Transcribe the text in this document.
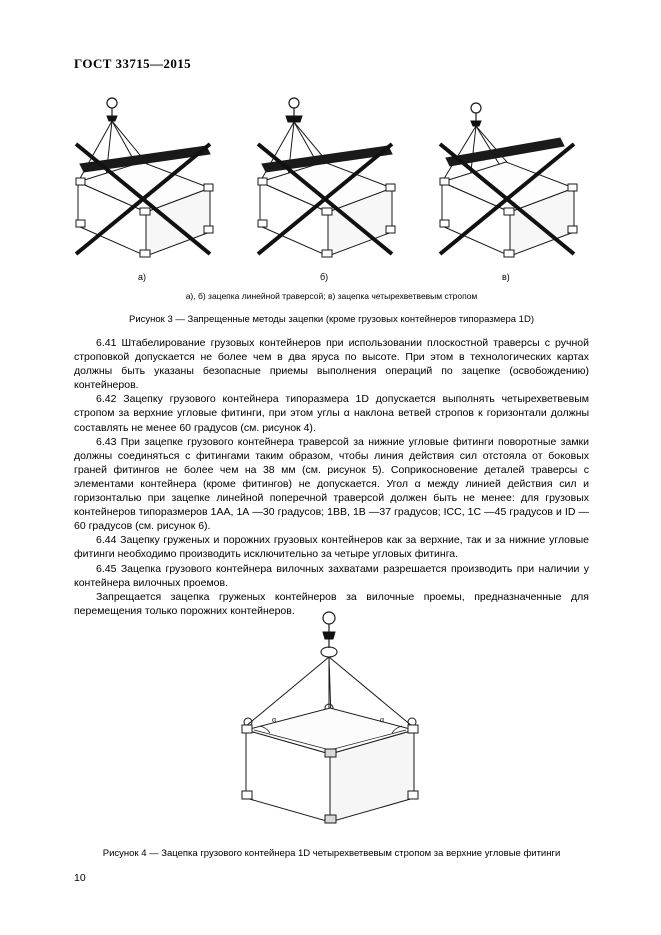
ГОСТ 33715—2015
а)	б)	в)
а), б) зацепка линейной траверсой; в) зацепка четырехветвевым стропом
Рисунок 3 — Запрещенные методы зацепки (кроме грузовых контейнеров типоразмера 1D)

6.41 Штабелирование грузовых контейнеров при использовании плоскостной траверсы с ручной строповкой допускается не более чем в два яруса по высоте. При этом в технологических картах должны быть указаны безопасные приемы выполнения операций по зацепке (освобождению) контейнеров.

6.42 Зацепку грузового контейнера типоразмера 1D допускается выполнять четырехветвевым стропом за верхние угловые фитинги, при этом углы α наклона ветвей стропов к горизонтали должны составлять не менее 60 градусов (см. рисунок 4).

6.43 При зацепке грузового контейнера траверсой за нижние угловые фитинги поворотные замки должны соединяться с фитингами таким образом, чтобы линия действия сил отстояла от боковых граней фитингов не более чем на 38 мм (см. рисунок 5). Соприкосновение деталей траверсы с элементами контейнера (кроме фитингов) не допускается. Угол α между линией действия сил и горизонталью при зацепке линейной поперечной траверсой должен быть не менее: для грузовых контейнеров типоразмеров 1АА, 1А —30 градусов; 1ВВ, 1В —37 градусов; ICC, 1C —45 градусов и ID — 60 градусов (см. рисунок 6).

6.44 Зацепку груженых и порожних грузовых контейнеров как за верхние, так и за нижние угловые фитинги необходимо производить исключительно за четыре угловых фитинга.

6.45 Зацепка грузового контейнера вилочных захватами разрешается производить при наличии у контейнера вилочных проемов.

Запрещается зацепка груженых контейнеров за вилочные проемы, предназначенные для перемещения только порожних контейнеров.

α	α
Рисунок 4 — Зацепка грузового контейнера 1D четырехветвевым стропом за верхние угловые фитинги
10
